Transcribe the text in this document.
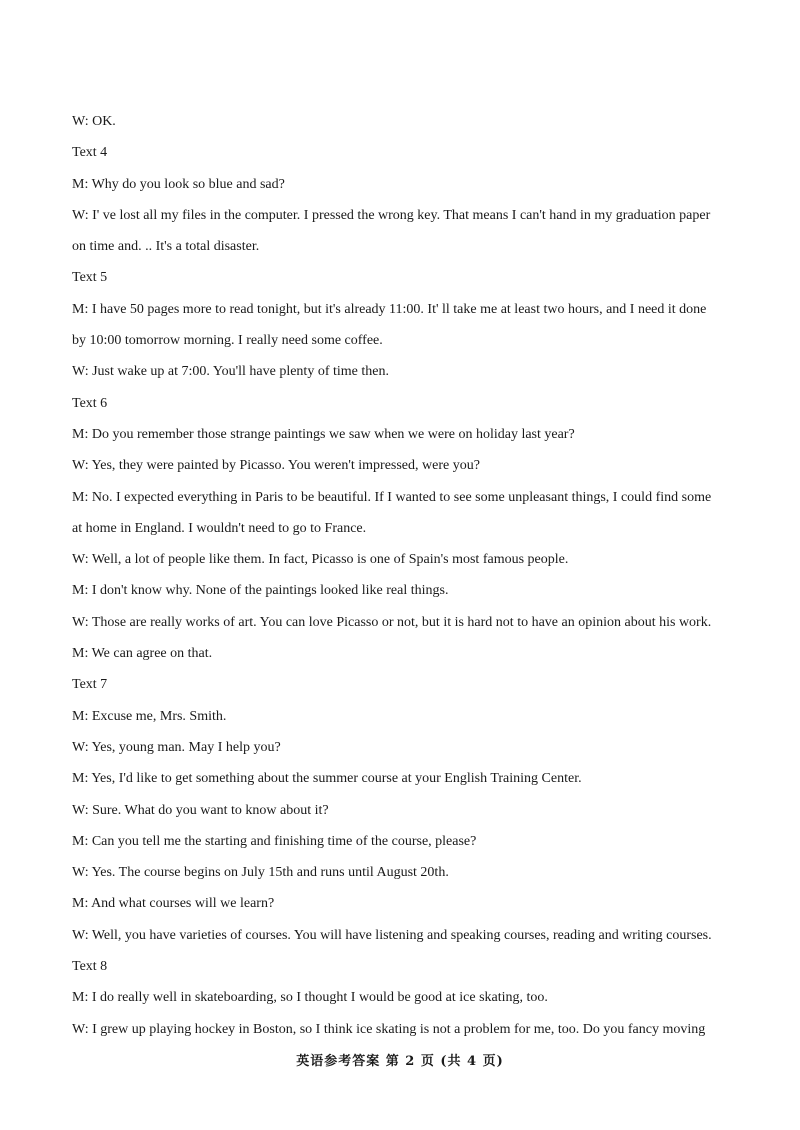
W: OK.
Text 4
M: Why do you look so blue and sad?
W: I' ve lost all my files in the computer. I pressed the wrong key. That means I can't hand in my graduation paper
on time and. .. It's a total disaster.
Text 5
M: I have 50 pages more to read tonight, but it's already 11:00. It' ll take me at least two hours, and I need it done
by 10:00 tomorrow morning. I really need some coffee.
W: Just wake up at 7:00. You'll have plenty of time then.
Text 6
M: Do you remember those strange paintings we saw when we were on holiday last year?
W: Yes, they were painted by Picasso. You weren't impressed, were you?
M: No. I expected everything in Paris to be beautiful. If I wanted to see some unpleasant things, I could find some
at home in England. I wouldn't need to go to France.
W: Well, a lot of people like them. In fact, Picasso is one of Spain's most famous people.
M: I don't know why. None of the paintings looked like real things.
W: Those are really works of art. You can love Picasso or not, but it is hard not to have an opinion about his work.
M: We can agree on that.
Text 7
M: Excuse me, Mrs. Smith.
W: Yes, young man. May I help you?
M: Yes, I'd like to get something about the summer course at your English Training Center.
W: Sure. What do you want to know about it?
M: Can you tell me the starting and finishing time of the course, please?
W: Yes. The course begins on July 15th and runs until August 20th.
M: And what courses will we learn?
W: Well, you have varieties of courses. You will have listening and speaking courses, reading and writing courses.
Text 8
M: I do really well in skateboarding, so I thought I would be good at ice skating, too.
W: I grew up playing hockey in Boston, so I think ice skating is not a problem for me, too. Do you fancy moving
英语参考答案 第 2 页 (共 4 页)
